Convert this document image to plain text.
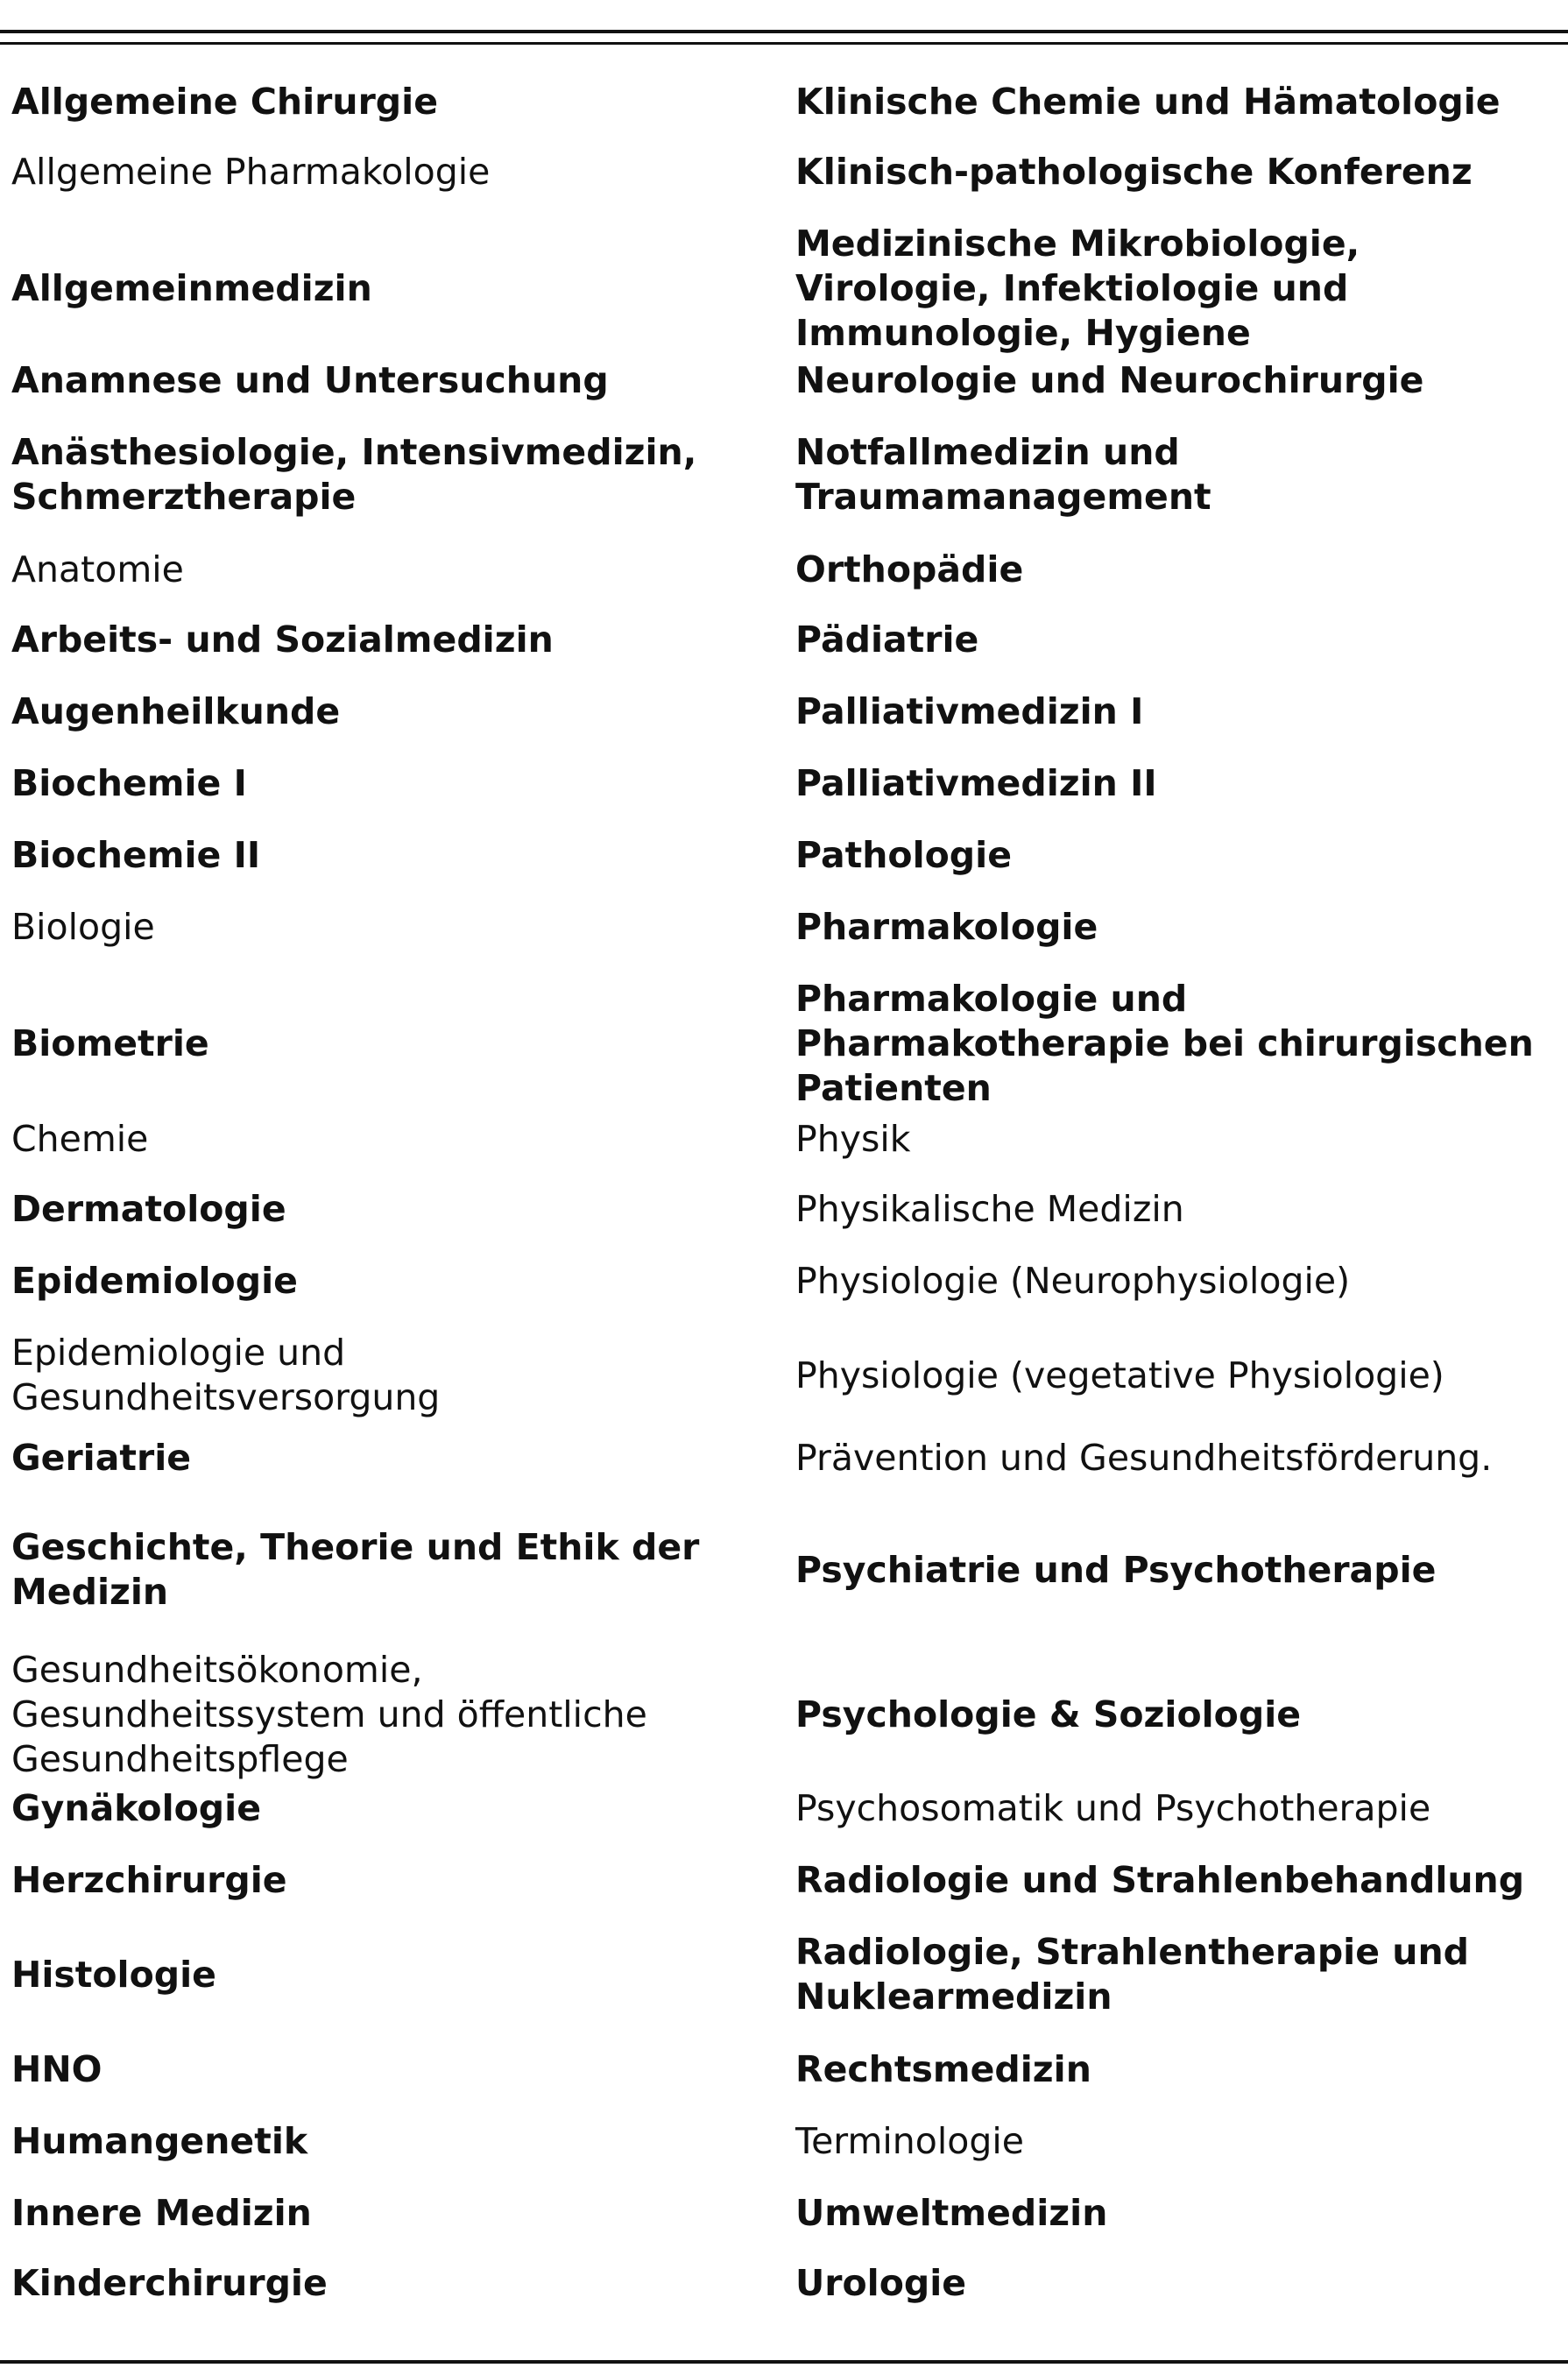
Allgemeine Chirurgie
Allgemeine Pharmakologie
Allgemeinmedizin
Anamnese und Untersuchung
Anästhesiologie, Intensivmedizin,
Schmerztherapie
Anatomie
Arbeits- und Sozialmedizin
Augenheilkunde
Biochemie I
Biochemie II
Biologie
Biometrie
Chemie
Dermatologie
Epidemiologie
Epidemiologie und
Gesundheitsversorgung
Geriatrie
Geschichte, Theorie und Ethik der
Medizin
Gesundheitsökonomie,
Gesundheitssystem und öffentliche
Gesundheitspflege
Gynäkologie
Herzchirurgie
Histologie
HNO
Humangenetik
Innere Medizin
Kinderchirurgie
Klinische Chemie und Hämatologie
Klinisch-pathologische Konferenz
Medizinische Mikrobiologie,
Virologie, Infektiologie und
Immunologie, Hygiene
Neurologie und Neurochirurgie
Notfallmedizin und
Traumamanagement
Orthopädie
Pädiatrie
Palliativmedizin I
Palliativmedizin II
Pathologie
Pharmakologie
Pharmakologie und
Pharmakotherapie bei chirurgischen
Patienten
Physik
Physikalische Medizin
Physiologie (Neurophysiologie)
Physiologie (vegetative Physiologie)
Prävention und Gesundheitsförderung.
Psychiatrie und Psychotherapie
Psychologie & Soziologie
Psychosomatik und Psychotherapie
Radiologie und Strahlenbehandlung
Radiologie, Strahlentherapie und
Nuklearmedizin
Rechtsmedizin
Terminologie
Umweltmedizin
Urologie
